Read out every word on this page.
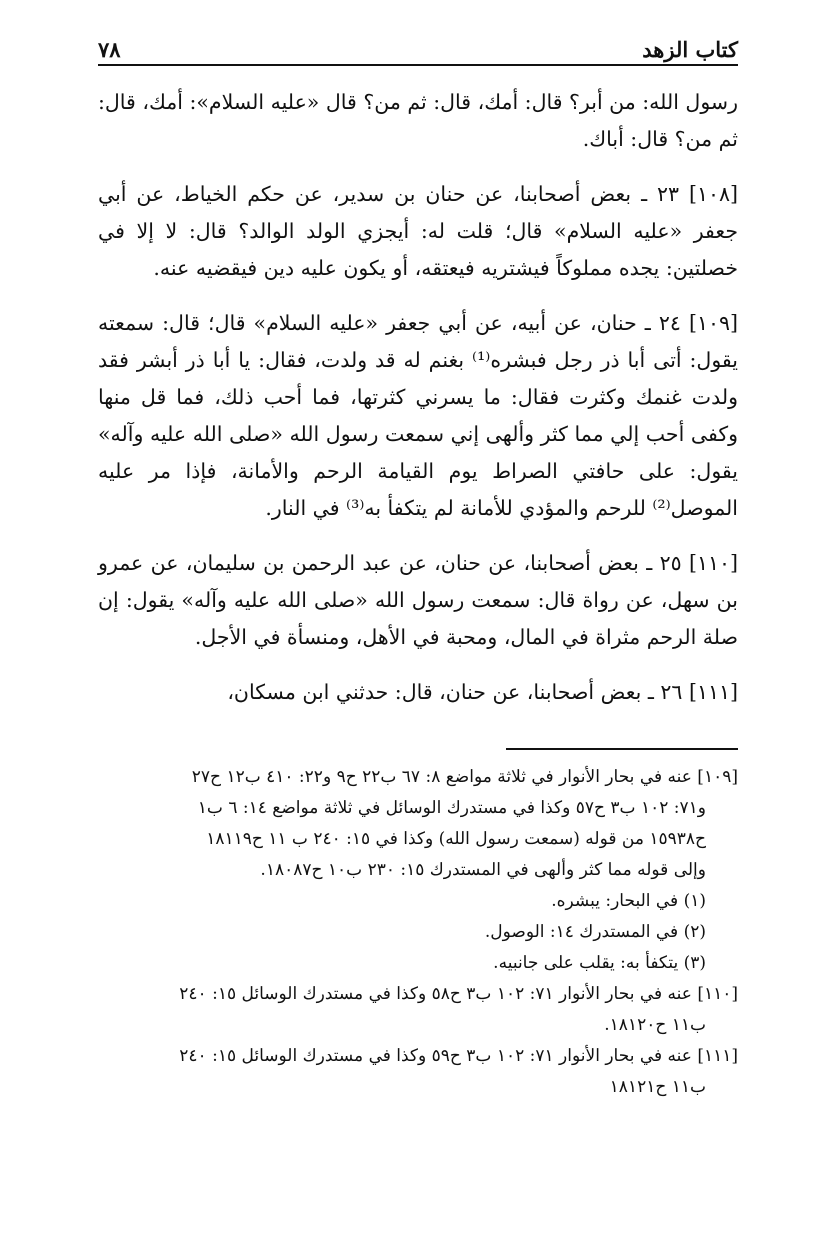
كتاب الزهد
٧٨

رسول الله: من أبر؟ قال: أمك، قال: ثم من؟ قال «عليه السلام»: أمك، قال: ثم من؟ قال: أباك.

[١٠٨] ٢٣ ـ بعض أصحابنا، عن حنان بن سدير، عن حكم الخياط، عن أبي جعفر «عليه السلام» قال؛ قلت له: أيجزي الولد الوالد؟ قال: لا إلا في خصلتين: يجده مملوكاً فيشتريه فيعتقه، أو يكون عليه دين فيقضيه عنه.

[١٠٩] ٢٤ ـ حنان، عن أبيه، عن أبي جعفر «عليه السلام» قال؛ قال: سمعته يقول: أتى أبا ذر رجل فبشره⁽¹⁾ بغنم له قد ولدت، فقال: يا أبا ذر أبشر فقد ولدت غنمك وكثرت فقال: ما يسرني كثرتها، فما أحب ذلك، فما قل منها وكفى أحب إلي مما كثر وألهى إني سمعت رسول الله «صلى الله عليه وآله» يقول: على حافتي الصراط يوم القيامة الرحم والأمانة، فإذا مر عليه الموصل⁽²⁾ للرحم والمؤدي للأمانة لم يتكفأ به⁽³⁾ في النار.

[١١٠] ٢٥ ـ بعض أصحابنا، عن حنان، عن عبد الرحمن بن سليمان، عن عمرو بن سهل، عن رواة قال: سمعت رسول الله «صلى الله عليه وآله» يقول: إن صلة الرحم مثراة في المال، ومحبة في الأهل، ومنسأة في الأجل.

[١١١] ٢٦ ـ بعض أصحابنا، عن حنان، قال: حدثني ابن مسكان،

[١٠٩] عنه في بحار الأنوار في ثلاثة مواضع ٨: ٦٧ ب٢٢ ح٩ و٢٢: ٤١٠ ب١٢ ح٢٧

و٧١: ١٠٢ ب٣ ح٥٧ وكذا في مستدرك الوسائل في ثلاثة مواضع ١٤: ٦ ب١

ح١٥٩٣٨ من قوله (سمعت رسول الله) وكذا في ١٥: ٢٤٠ ب ١١ ح١٨١١٩

وإلى قوله مما كثر وألهى في المستدرك ١٥: ٢٣٠ ب١٠ ح١٨٠٨٧.

(١) في البحار: يبشره.

(٢) في المستدرك ١٤: الوصول.

(٣) يتكفأ به: يقلب على جانبيه.

[١١٠] عنه في بحار الأنوار ٧١: ١٠٢ ب٣ ح٥٨ وكذا في مستدرك الوسائل ١٥: ٢٤٠

ب١١ ح١٨١٢٠.

[١١١] عنه في بحار الأنوار ٧١: ١٠٢ ب٣ ح٥٩ وكذا في مستدرك الوسائل ١٥: ٢٤٠

ب١١ ح١٨١٢١
